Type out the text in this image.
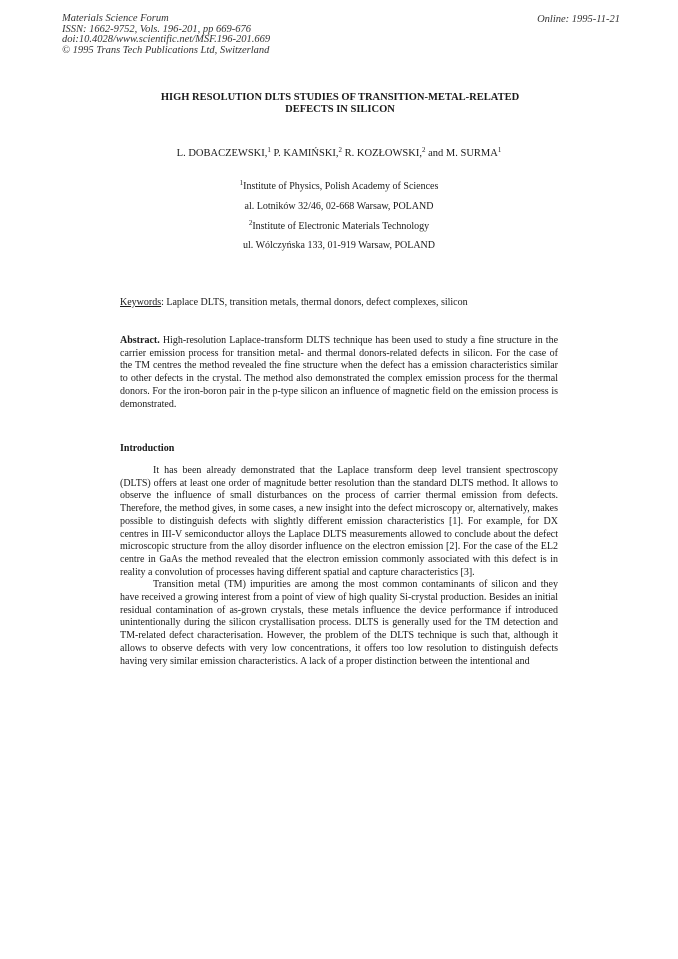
Materials Science Forum
ISSN: 1662-9752, Vols. 196-201, pp 669-676
doi:10.4028/www.scientific.net/MSF.196-201.669
© 1995 Trans Tech Publications Ltd, Switzerland
Online: 1995-11-21
HIGH RESOLUTION DLTS STUDIES OF TRANSITION-METAL-RELATED
DEFECTS IN SILICON
L. DOBACZEWSKI,$^1$ P. KAMIŃSKI,$^2$ R. KOZŁOWSKI,$^2$ and M. SURMA$^1$
$^1$Institute of Physics, Polish Academy of Sciences
al. Lotników 32/46, 02-668 Warsaw, POLAND
$^2$Institute of Electronic Materials Technology
ul. Wólczyńska 133, 01-919 Warsaw, POLAND
Keywords: Laplace DLTS, transition metals, thermal donors, defect complexes, silicon
Abstract. High-resolution Laplace-transform DLTS technique has been used to study a fine structure in the carrier emission process for transition metal- and thermal donors-related defects in silicon. For the case of the TM centres the method revealed the fine structure when the defect has a emission characteristics similar to other defects in the crystal. The method also demonstrated the complex emission process for the thermal donors. For the iron-boron pair in the p-type silicon an influence of magnetic field on the emission process is demonstrated.
Introduction

It has been already demonstrated that the Laplace transform deep level transient spectroscopy (DLTS) offers at least one order of magnitude better resolution than the standard DLTS method. It allows to observe the influence of small disturbances on the process of carrier thermal emission from defects. Therefore, the method gives, in some cases, a new insight into the defect microscopy or, alternatively, makes possible to distinguish defects with slightly different emission characteristics [1]. For example, for DX centres in III-V semiconductor alloys the Laplace DLTS measurements allowed to conclude about the defect microscopic structure from the alloy disorder influence on the electron emission [2]. For the case of the EL2 centre in GaAs the method revealed that the electron emission commonly associated with this defect is in reality a convolution of processes having different spatial and capture characteristics [3].

Transition metal (TM) impurities are among the most common contaminants of silicon and they have received a growing interest from a point of view of high quality Si-crystal production. Besides an initial residual contamination of as-grown crystals, these metals influence the device performance if introduced unintentionally during the silicon crystallisation process. DLTS is generally used for the TM detection and TM-related defect characterisation. However, the problem of the DLTS technique is such that, although it allows to observe defects with very low concentrations, it offers too low resolution to distinguish defects having very similar emission characteristics. A lack of a proper distinction between the intentional and
